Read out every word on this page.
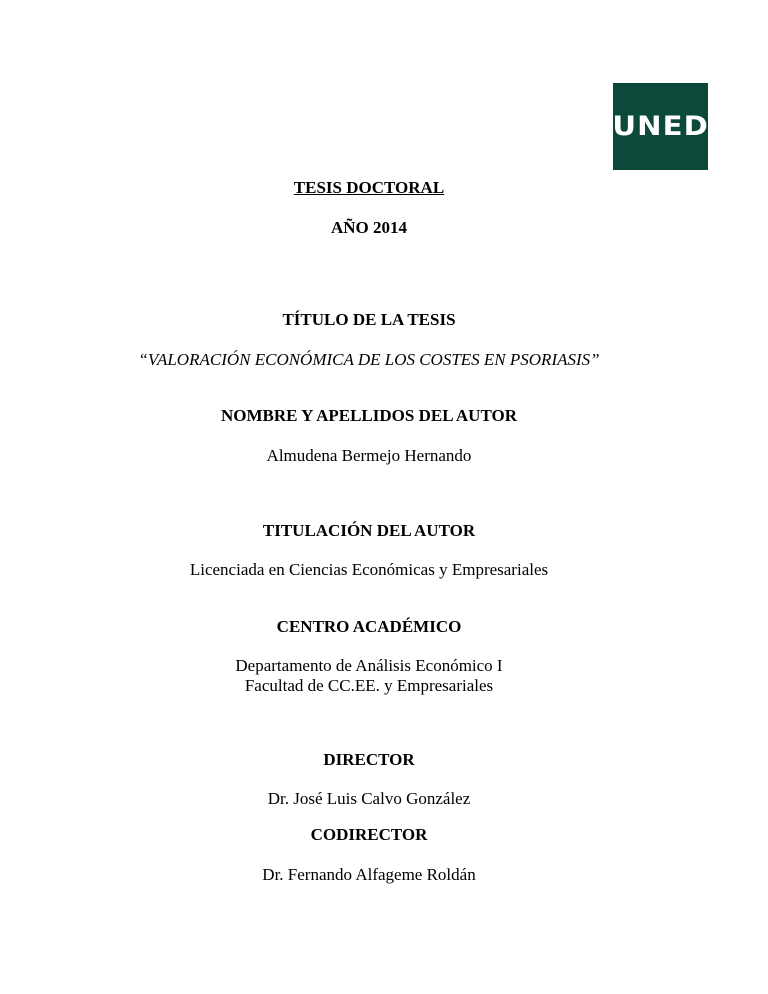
UNED
TESIS DOCTORAL
AÑO 2014
TÍTULO DE LA TESIS
“VALORACIÓN ECONÓMICA DE LOS COSTES EN PSORIASIS”
NOMBRE Y APELLIDOS DEL AUTOR
Almudena Bermejo Hernando
TITULACIÓN DEL AUTOR
Licenciada en Ciencias Económicas y Empresariales
CENTRO ACADÉMICO
Departamento de Análisis Económico I
Facultad de CC.EE. y Empresariales
DIRECTOR
Dr. José Luis Calvo González
CODIRECTOR
Dr. Fernando Alfageme Roldán
